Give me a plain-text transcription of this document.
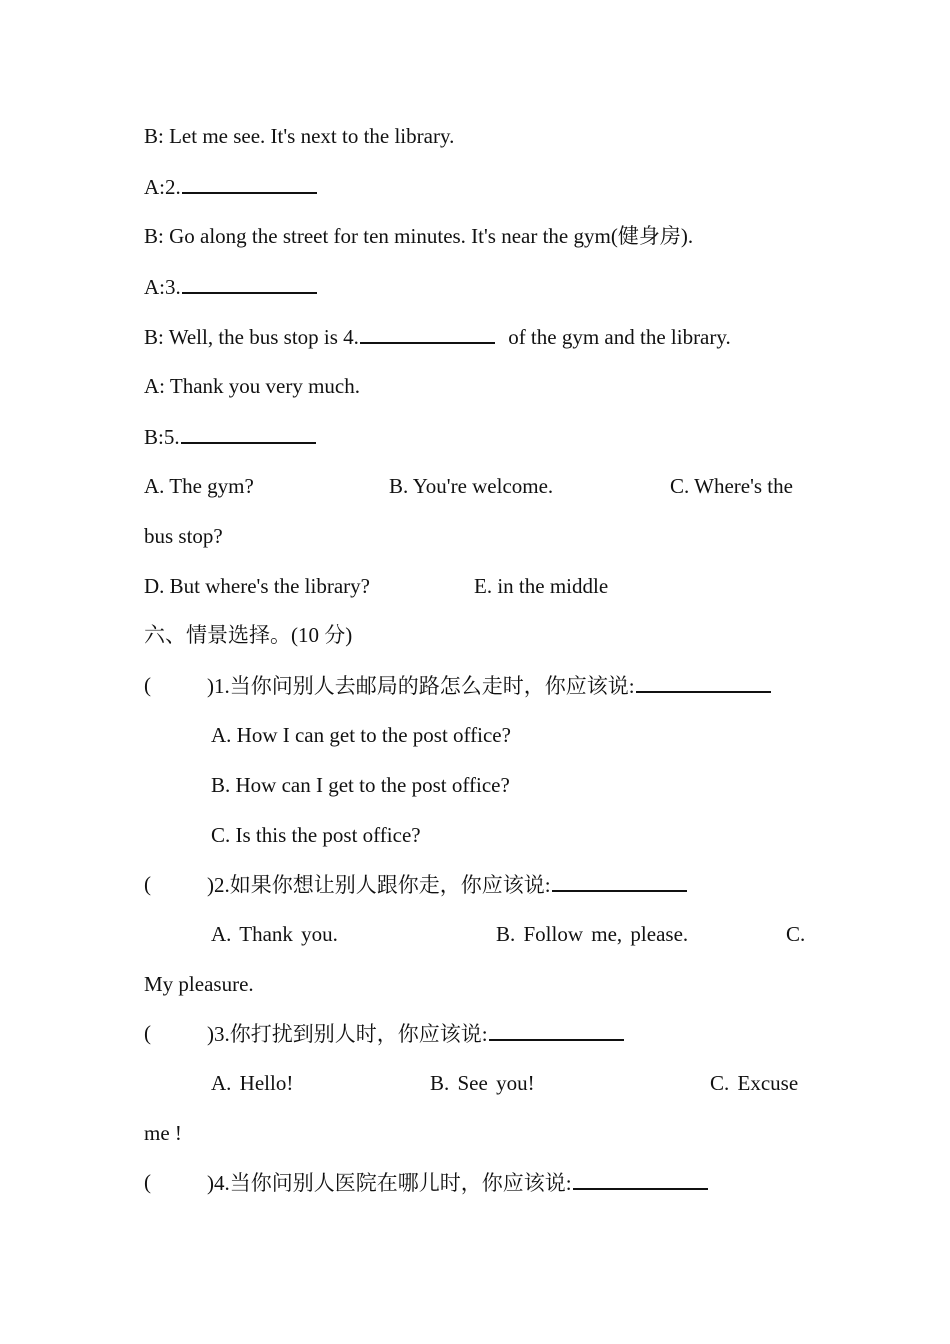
B: Let me see. It's next to the library.
A:2.
B: Go along the street for ten minutes. It's near the gym(健身房).
A:3.
B: Well, the bus stop is 4.	of the gym and the library.
A: Thank you very much.
B:5.
A. The gym?	B. You're welcome.	C. Where's the
bus stop?
D. But where's the library?	E. in the middle
六、情景选择。(10 分)
(	)1.当你问别人去邮局的路怎么走时，你应该说:
A. How I can get to the post office?
B. How can I get to the post office?
C. Is this the post office?
(	)2.如果你想让别人跟你走，你应该说:
A. Thank you.	B. Follow me, please.	C.
My pleasure.
(	)3.你打扰到别人时，你应该说:
A. Hello!	B. See you!	C. Excuse
me !
(	)4.当你问别人医院在哪儿时，你应该说:
